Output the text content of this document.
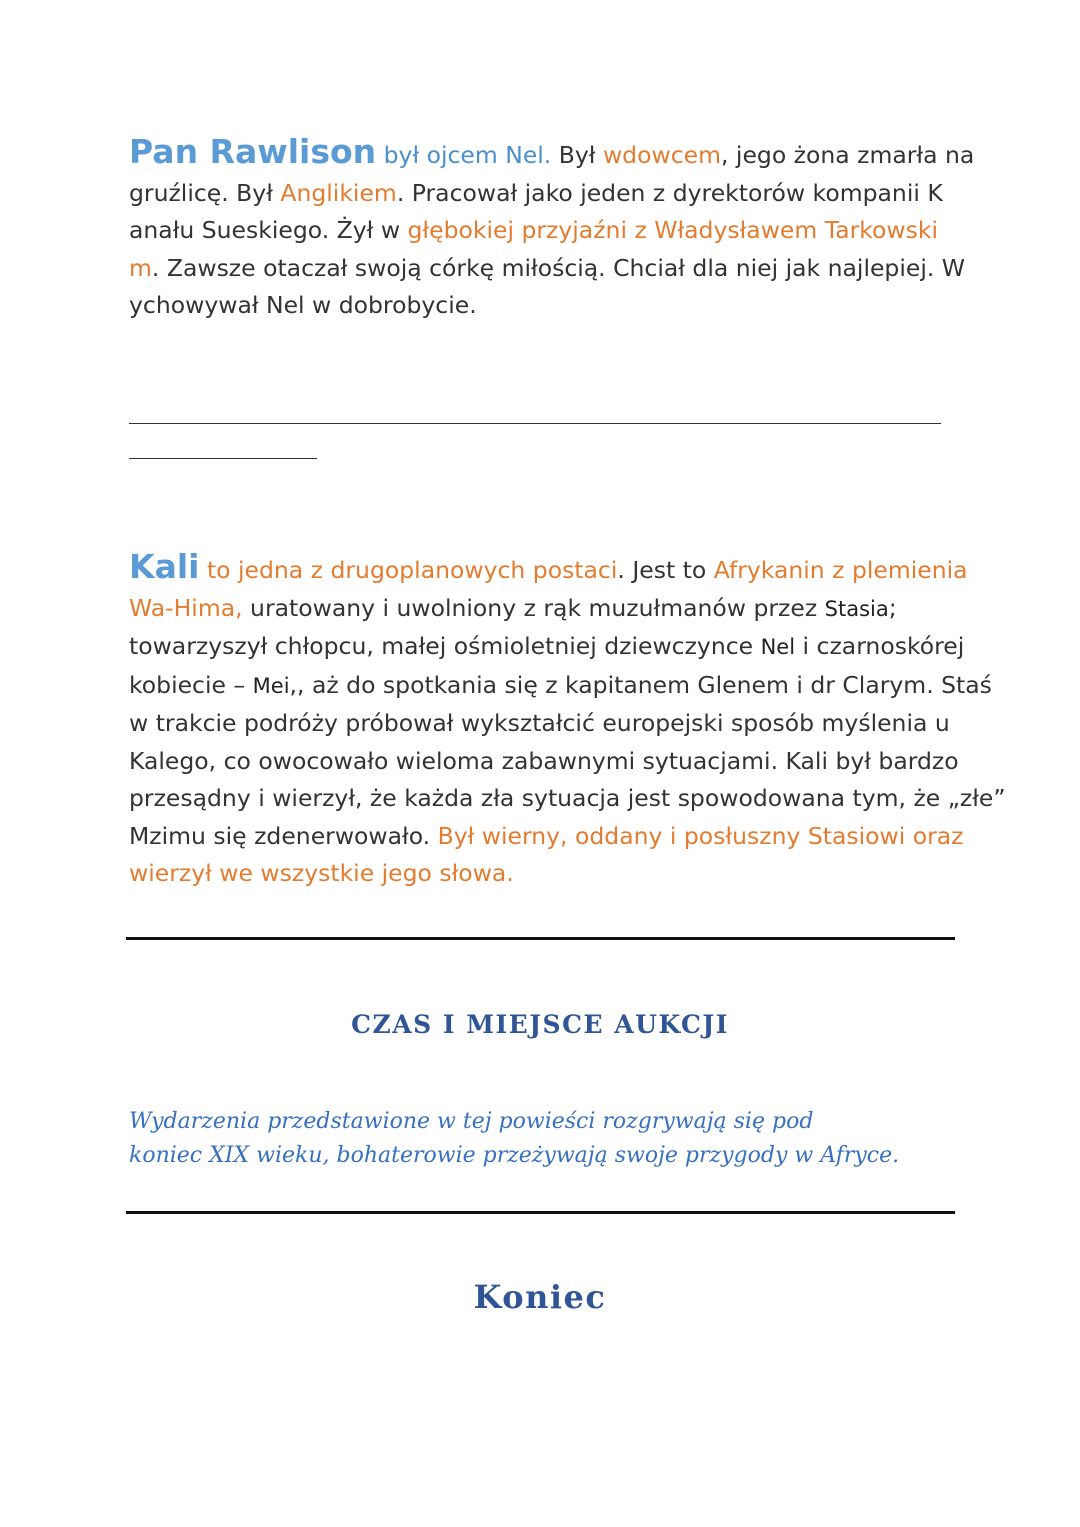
Pan Rawlison był ojcem Nel. Był wdowcem, jego żona zmarła na
gruźlicę. Był Anglikiem. Pracował jako jeden z dyrektorów kompanii K
anału Sueskiego. Żył w głębokiej przyjaźni z Władysławem Tarkowski
m. Zawsze otaczał swoją córkę miłością. Chciał dla niej jak najlepiej. W
ychowywał Nel w dobrobycie.
Kali to jedna z drugoplanowych postaci. Jest to Afrykanin z plemienia
Wa-Hima, uratowany i uwolniony z rąk muzułmanów przez Stasia;
towarzyszył chłopcu, małej ośmioletniej dziewczynce Nel i czarnoskórej
kobiecie – Mei,, aż do spotkania się z kapitanem Glenem i dr Clarym. Staś
w trakcie podróży próbował wykształcić europejski sposób myślenia u
Kalego, co owocowało wieloma zabawnymi sytuacjami. Kali był bardzo
przesądny i wierzył, że każda zła sytuacja jest spowodowana tym, że „złe”
Mzimu się zdenerwowało. Był wierny, oddany i posłuszny Stasiowi oraz
wierzył we wszystkie jego słowa.
CZAS I MIEJSCE AUKCJI
Wydarzenia przedstawione w tej powieści rozgrywają się pod
koniec XIX wieku, bohaterowie przeżywają swoje przygody w Afryce.
Koniec
